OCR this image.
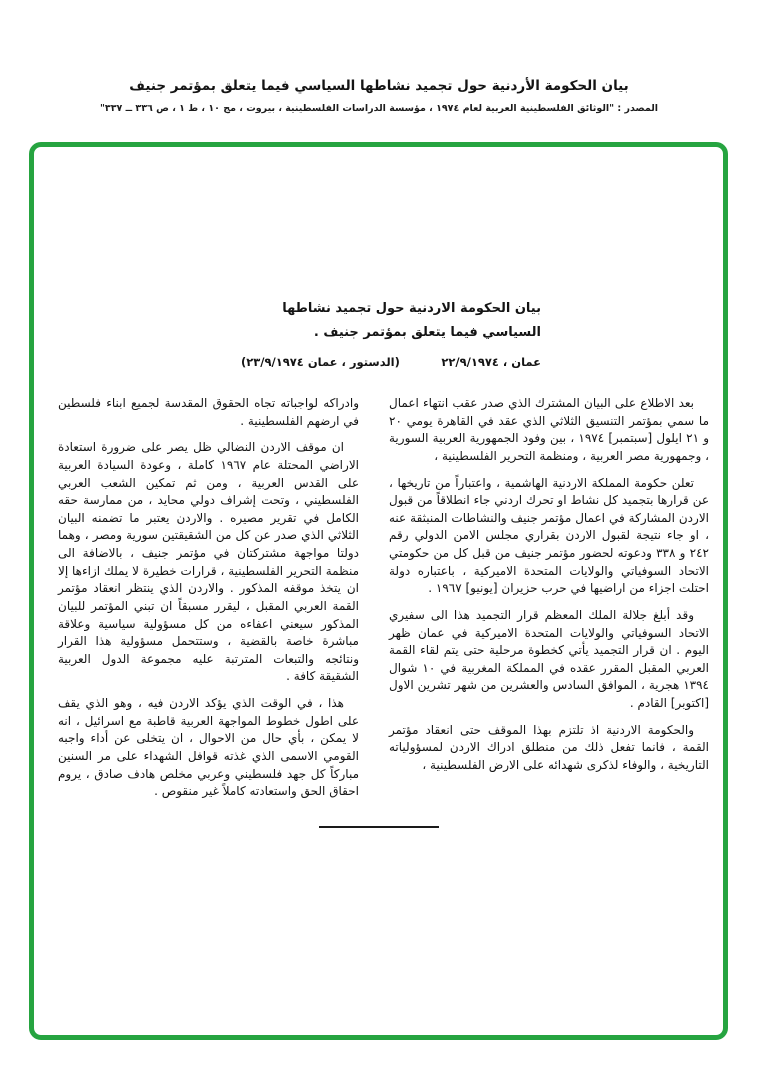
بيان الحكومة الأردنية حول تجميد نشاطها السياسي فيما يتعلق بمؤتمر جنيف
المصدر : "الوثائق الفلسطينية العربية لعام ١٩٧٤ ، مؤسسة الدراسات الفلسطينية ، بيروت ، مج ١٠ ، ط ١ ، ص ٣٣٦ ــ ٣٣٧"
بيان الحكومة الاردنية حول تجميد نشاطها السياسي فيما يتعلق بمؤتمر جنيف .
عمان ، ٢٢/٩/١٩٧٤
(الدستور ، عمان ٢٣/٩/١٩٧٤)

بعد الاطلاع على البيان المشترك الذي صدر عقب انتهاء اعمال ما سمي بمؤتمر التنسيق الثلاثي الذي عقد في القاهرة يومي ٢٠ و ٢١ ايلول [سبتمبر] ١٩٧٤ ، بين وفود الجمهورية العربية السورية ، وجمهورية مصر العربية ، ومنظمة التحرير الفلسطينية ،

تعلن حكومة المملكة الاردنية الهاشمية ، واعتباراً من تاريخها ، عن قرارها بتجميد كل نشاط او تحرك اردني جاء انطلاقاً من قبول الاردن المشاركة في اعمال مؤتمر جنيف والنشاطات المنبثقة عنه ، او جاء نتيجة لقبول الاردن بقراري مجلس الامن الدولي رقم ٢٤٢ و ٣٣٨ ودعوته لحضور مؤتمر جنيف من قبل كل من حكومتي الاتحاد السوفياتي والولايات المتحدة الاميركية ، باعتباره دولة احتلت اجزاء من اراضيها في حرب حزيران [يونيو] ١٩٦٧ .

وقد أبلغ جلالة الملك المعظم قرار التجميد هذا الى سفيري الاتحاد السوفياتي والولايات المتحدة الاميركية في عمان ظهر اليوم . ان قرار التجميد يأتي كخطوة مرحلية حتى يتم لقاء القمة العربي المقبل المقرر عقده في المملكة المغربية في ١٠ شوال ١٣٩٤ هجرية ، الموافق السادس والعشرين من شهر تشرين الاول [اكتوبر] القادم .

والحكومة الاردنية اذ تلتزم بهذا الموقف حتى انعقاد مؤتمر القمة ، فانما تفعل ذلك من منطلق ادراك الاردن لمسؤولياته التاريخية ، والوفاء لذكرى شهدائه على الارض الفلسطينية ،

وادراكه لواجباته تجاه الحقوق المقدسة لجميع ابناء فلسطين في ارضهم الفلسطينية .

ان موقف الاردن النضالي ظل يصر على ضرورة استعادة الاراضي المحتلة عام ١٩٦٧ كاملة ، وعودة السيادة العربية على القدس العربية ، ومن ثم تمكين الشعب العربي الفلسطيني ، وتحت إشراف دولي محايد ، من ممارسة حقه الكامل في تقرير مصيره . والاردن يعتبر ما تضمنه البيان الثلاثي الذي صدر عن كل من الشقيقتين سورية ومصر ، وهما دولتا مواجهة مشتركتان في مؤتمر جنيف ، بالاضافة الى منظمة التحرير الفلسطينية ، قرارات خطيرة لا يملك ازاءها إلا ان يتخذ موقفه المذكور . والاردن الذي ينتظر انعقاد مؤتمر القمة العربي المقبل ، ليقرر مسبقاً ان تبني المؤتمر للبيان المذكور سيعني اعفاءه من كل مسؤولية سياسية وعلاقة مباشرة خاصة بالقضية ، وستتحمل مسؤولية هذا القرار ونتائجه والتبعات المترتبة عليه مجموعة الدول العربية الشقيقة كافة .

هذا ، في الوقت الذي يؤكد الاردن فيه ، وهو الذي يقف على اطول خطوط المواجهة العربية قاطبة مع اسرائيل ، انه لا يمكن ، بأي حال من الاحوال ، ان يتخلى عن أداء واجبه القومي الاسمى الذي غذته قوافل الشهداء على مر السنين مباركاً كل جهد فلسطيني وعربي مخلص هادف صادق ، يروم احقاق الحق واستعادته كاملاً غير منقوص .
